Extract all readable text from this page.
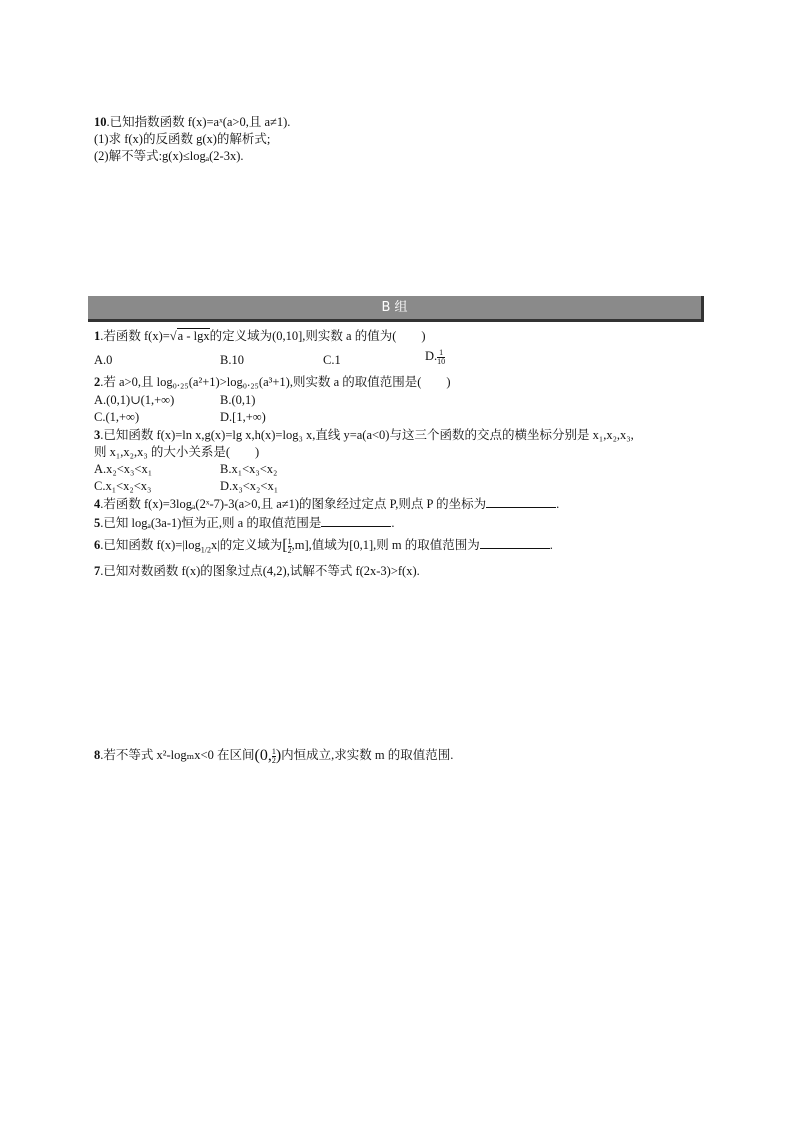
10.已知指数函数 f(x)=aˣ(a>0,且 a≠1).
(1)求 f(x)的反函数 g(x)的解析式;
(2)解不等式:g(x)≤logₐ(2-3x).
B 组
1.若函数 f(x)=√a - lgx的定义域为(0,10],则实数 a 的值为(　　)
A.0	B.10	C.1	D. $\frac{1}{10}$
2.若 a>0,且 log₀.₂₅(a²+1)>log₀.₂₅(a³+1),则实数 a 的取值范围是(　　)
A.(0,1)∪(1,+∞)	B.(0,1)
C.(1,+∞)	D.[1,+∞)
3.已知函数 f(x)=ln x,g(x)=lg x,h(x)=log₃ x,直线 y=a(a<0)与这三个函数的交点的横坐标分别是 x₁,x₂,x₃,
则 x₁,x₂,x₃ 的大小关系是(　　)
A.x₂<x₃<x₁	B.x₁<x₃<x₂
C.x₁<x₂<x₃	D.x₃<x₂<x₁
4.若函数 f(x)=3logₐ(2ˣ-7)-3(a>0,且 a≠1)的图象经过定点 P,则点 P 的坐标为	.
5.已知 logₐ(3a-1)恒为正,则 a 的取值范围是	.
6.已知函数 $f(x)=|\log_{1/2}x|$的定义域为[ $\frac{1}{2} ,m$],值域为[0,1],则 m 的取值范围为	.
7.已知对数函数 f(x)的图象过点(4,2),试解不等式 f(2x-3)>f(x).
8.若不等式 x²-logₘx<0 在区间(0, $\frac{1}{2}$ )内恒成立,求实数 m 的取值范围.
